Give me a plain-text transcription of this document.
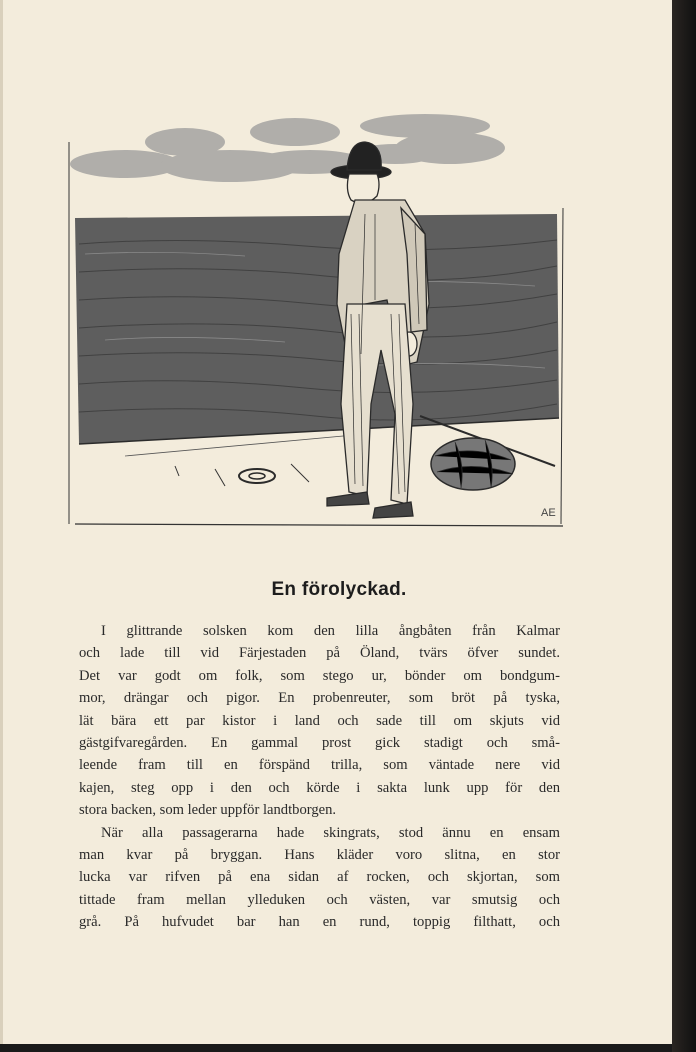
AE
En förolyckad.

I glittrande solsken kom den lilla ångbåten från Kalmar
och lade till vid Färjestaden på Öland, tvärs öfver sundet.
Det var godt om folk, som stego ur, bönder om bondgum-
mor, drängar och pigor. En probenreuter, som bröt på tyska,
lät bära ett par kistor i land och sade till om skjuts vid
gästgifvaregården. En gammal prost gick stadigt och små-
leende fram till en förspänd trilla, som väntade nere vid
kajen, steg opp i den och körde i sakta lunk upp för den
stora backen, som leder uppför landtborgen.

När alla passagerarna hade skingrats, stod ännu en ensam
man kvar på bryggan. Hans kläder voro slitna, en stor
lucka var rifven på ena sidan af rocken, och skjortan, som
tittade fram mellan ylleduken och västen, var smutsig och
grå. På hufvudet bar han en rund, toppig filthatt, och
